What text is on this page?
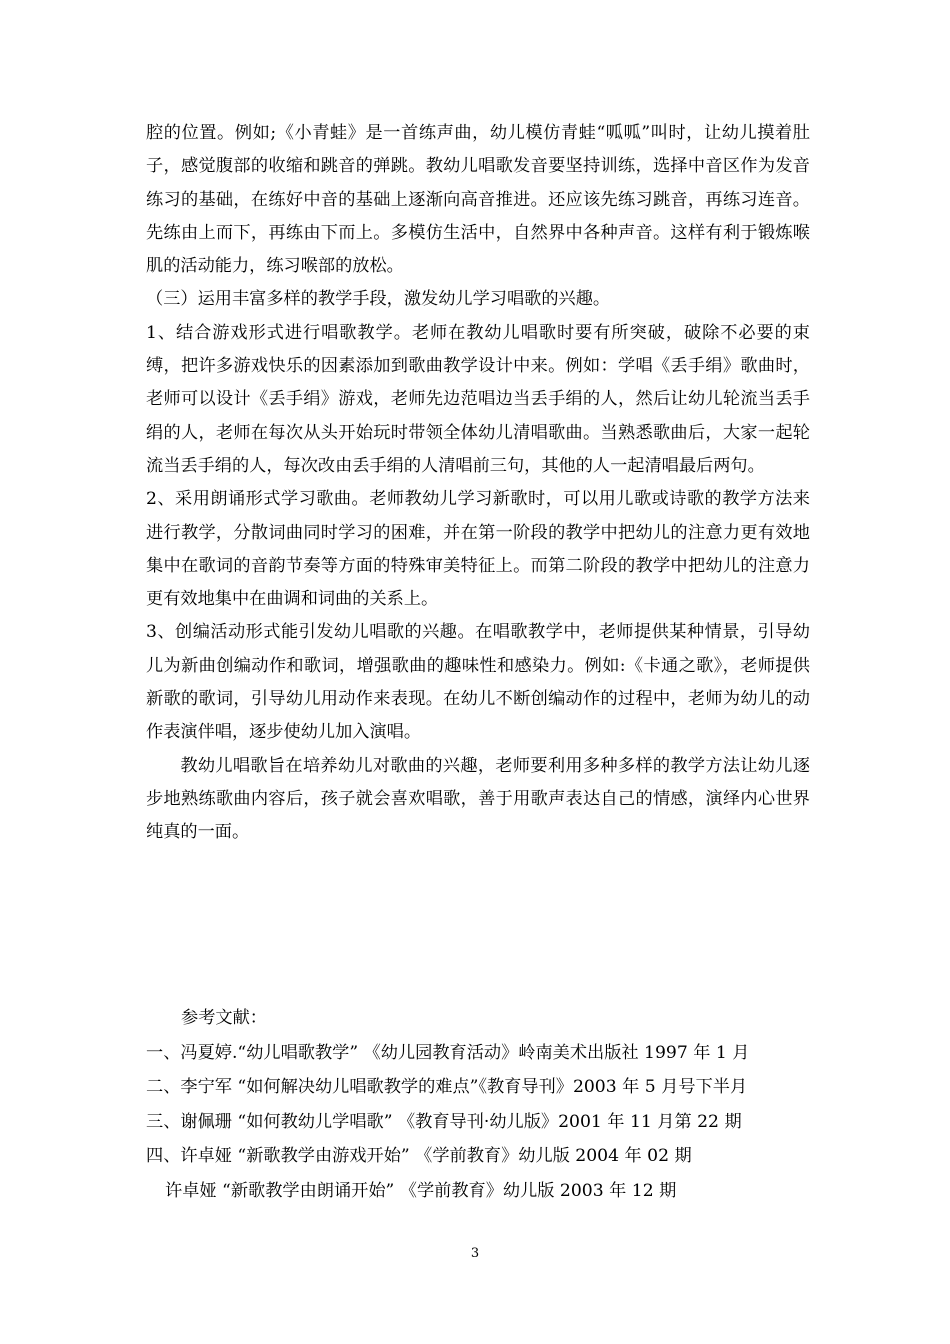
腔的位置。例如;《小青蛙》是一首练声曲，幼儿模仿青蛙“呱呱”叫时，让幼儿摸着肚子，感觉腹部的收缩和跳音的弹跳。教幼儿唱歌发音要坚持训练，选择中音区作为发音练习的基础，在练好中音的基础上逐渐向高音推进。还应该先练习跳音，再练习连音。先练由上而下，再练由下而上。多模仿生活中，自然界中各种声音。这样有利于锻炼喉肌的活动能力，练习喉部的放松。

（三）运用丰富多样的教学手段，激发幼儿学习唱歌的兴趣。

1、结合游戏形式进行唱歌教学。老师在教幼儿唱歌时要有所突破，破除不必要的束缚，把许多游戏快乐的因素添加到歌曲教学设计中来。例如：学唱《丢手绢》歌曲时，老师可以设计《丢手绢》游戏，老师先边范唱边当丢手绢的人，然后让幼儿轮流当丢手绢的人，老师在每次从头开始玩时带领全体幼儿清唱歌曲。当熟悉歌曲后，大家一起轮流当丢手绢的人，每次改由丢手绢的人清唱前三句，其他的人一起清唱最后两句。

2、采用朗诵形式学习歌曲。老师教幼儿学习新歌时，可以用儿歌或诗歌的教学方法来进行教学，分散词曲同时学习的困难，并在第一阶段的教学中把幼儿的注意力更有效地集中在歌词的音韵节奏等方面的特殊审美特征上。而第二阶段的教学中把幼儿的注意力更有效地集中在曲调和词曲的关系上。

3、创编活动形式能引发幼儿唱歌的兴趣。在唱歌教学中，老师提供某种情景，引导幼儿为新曲创编动作和歌词，增强歌曲的趣味性和感染力。例如:《卡通之歌》，老师提供新歌的歌词，引导幼儿用动作来表现。在幼儿不断创编动作的过程中，老师为幼儿的动作表演伴唱，逐步使幼儿加入演唱。

教幼儿唱歌旨在培养幼儿对歌曲的兴趣，老师要利用多种多样的教学方法让幼儿逐步地熟练歌曲内容后，孩子就会喜欢唱歌，善于用歌声表达自己的情感，演绎内心世界纯真的一面。

参考文献：

一、冯夏婷.“幼儿唱歌教学” 《幼儿园教育活动》岭南美术出版社 1997 年 1 月

二、李宁军 “如何解决幼儿唱歌教学的难点”《教育导刊》2003 年 5 月号下半月

三、谢佩珊 “如何教幼儿学唱歌” 《教育导刊·幼儿版》2001 年 11 月第 22 期

四、许卓娅 “新歌教学由游戏开始” 《学前教育》幼儿版 2004 年 02 期

许卓娅 “新歌教学由朗诵开始” 《学前教育》幼儿版 2003 年 12 期

3
